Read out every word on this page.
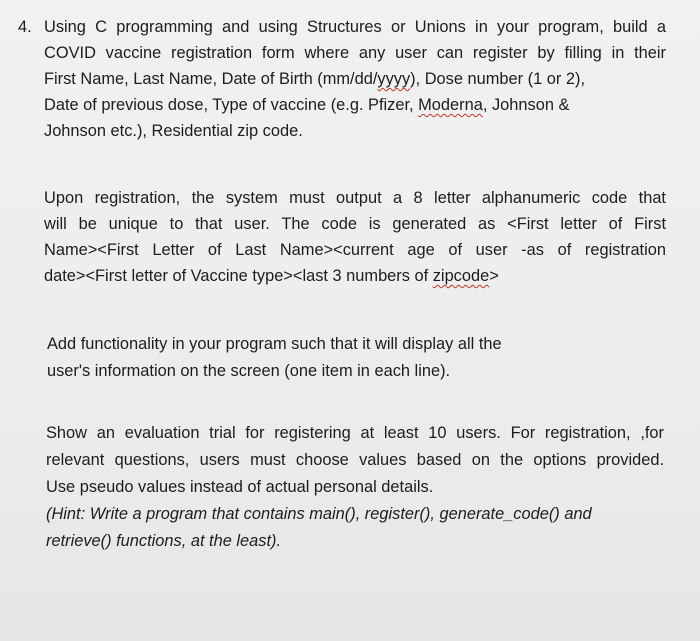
4. Using C programming and using Structures or Unions in your program, build a
COVID vaccine registration form where any user can register by filling in their
First Name, Last Name, Date of Birth (mm/dd/yyyy), Dose number (1 or 2),
Date of previous dose, Type of vaccine (e.g. Pfizer, Moderna, Johnson &
Johnson etc.), Residential zip code.
Upon registration, the system must output a 8 letter alphanumeric code that
will be unique to that user. The code is generated as <First letter of First
Name><First Letter of Last Name><current age of user -as of registration
date><First letter of Vaccine type><last 3 numbers of zipcode>
Add functionality in your program such that it will display all the
user's information on the screen (one item in each line).
Show an evaluation trial for registering at least 10 users. For registration, ,for
relevant questions, users must choose values based on the options provided.
Use pseudo values instead of actual personal details.
(Hint: Write a program that contains main(), register(), generate_code() and
retrieve() functions, at the least).
